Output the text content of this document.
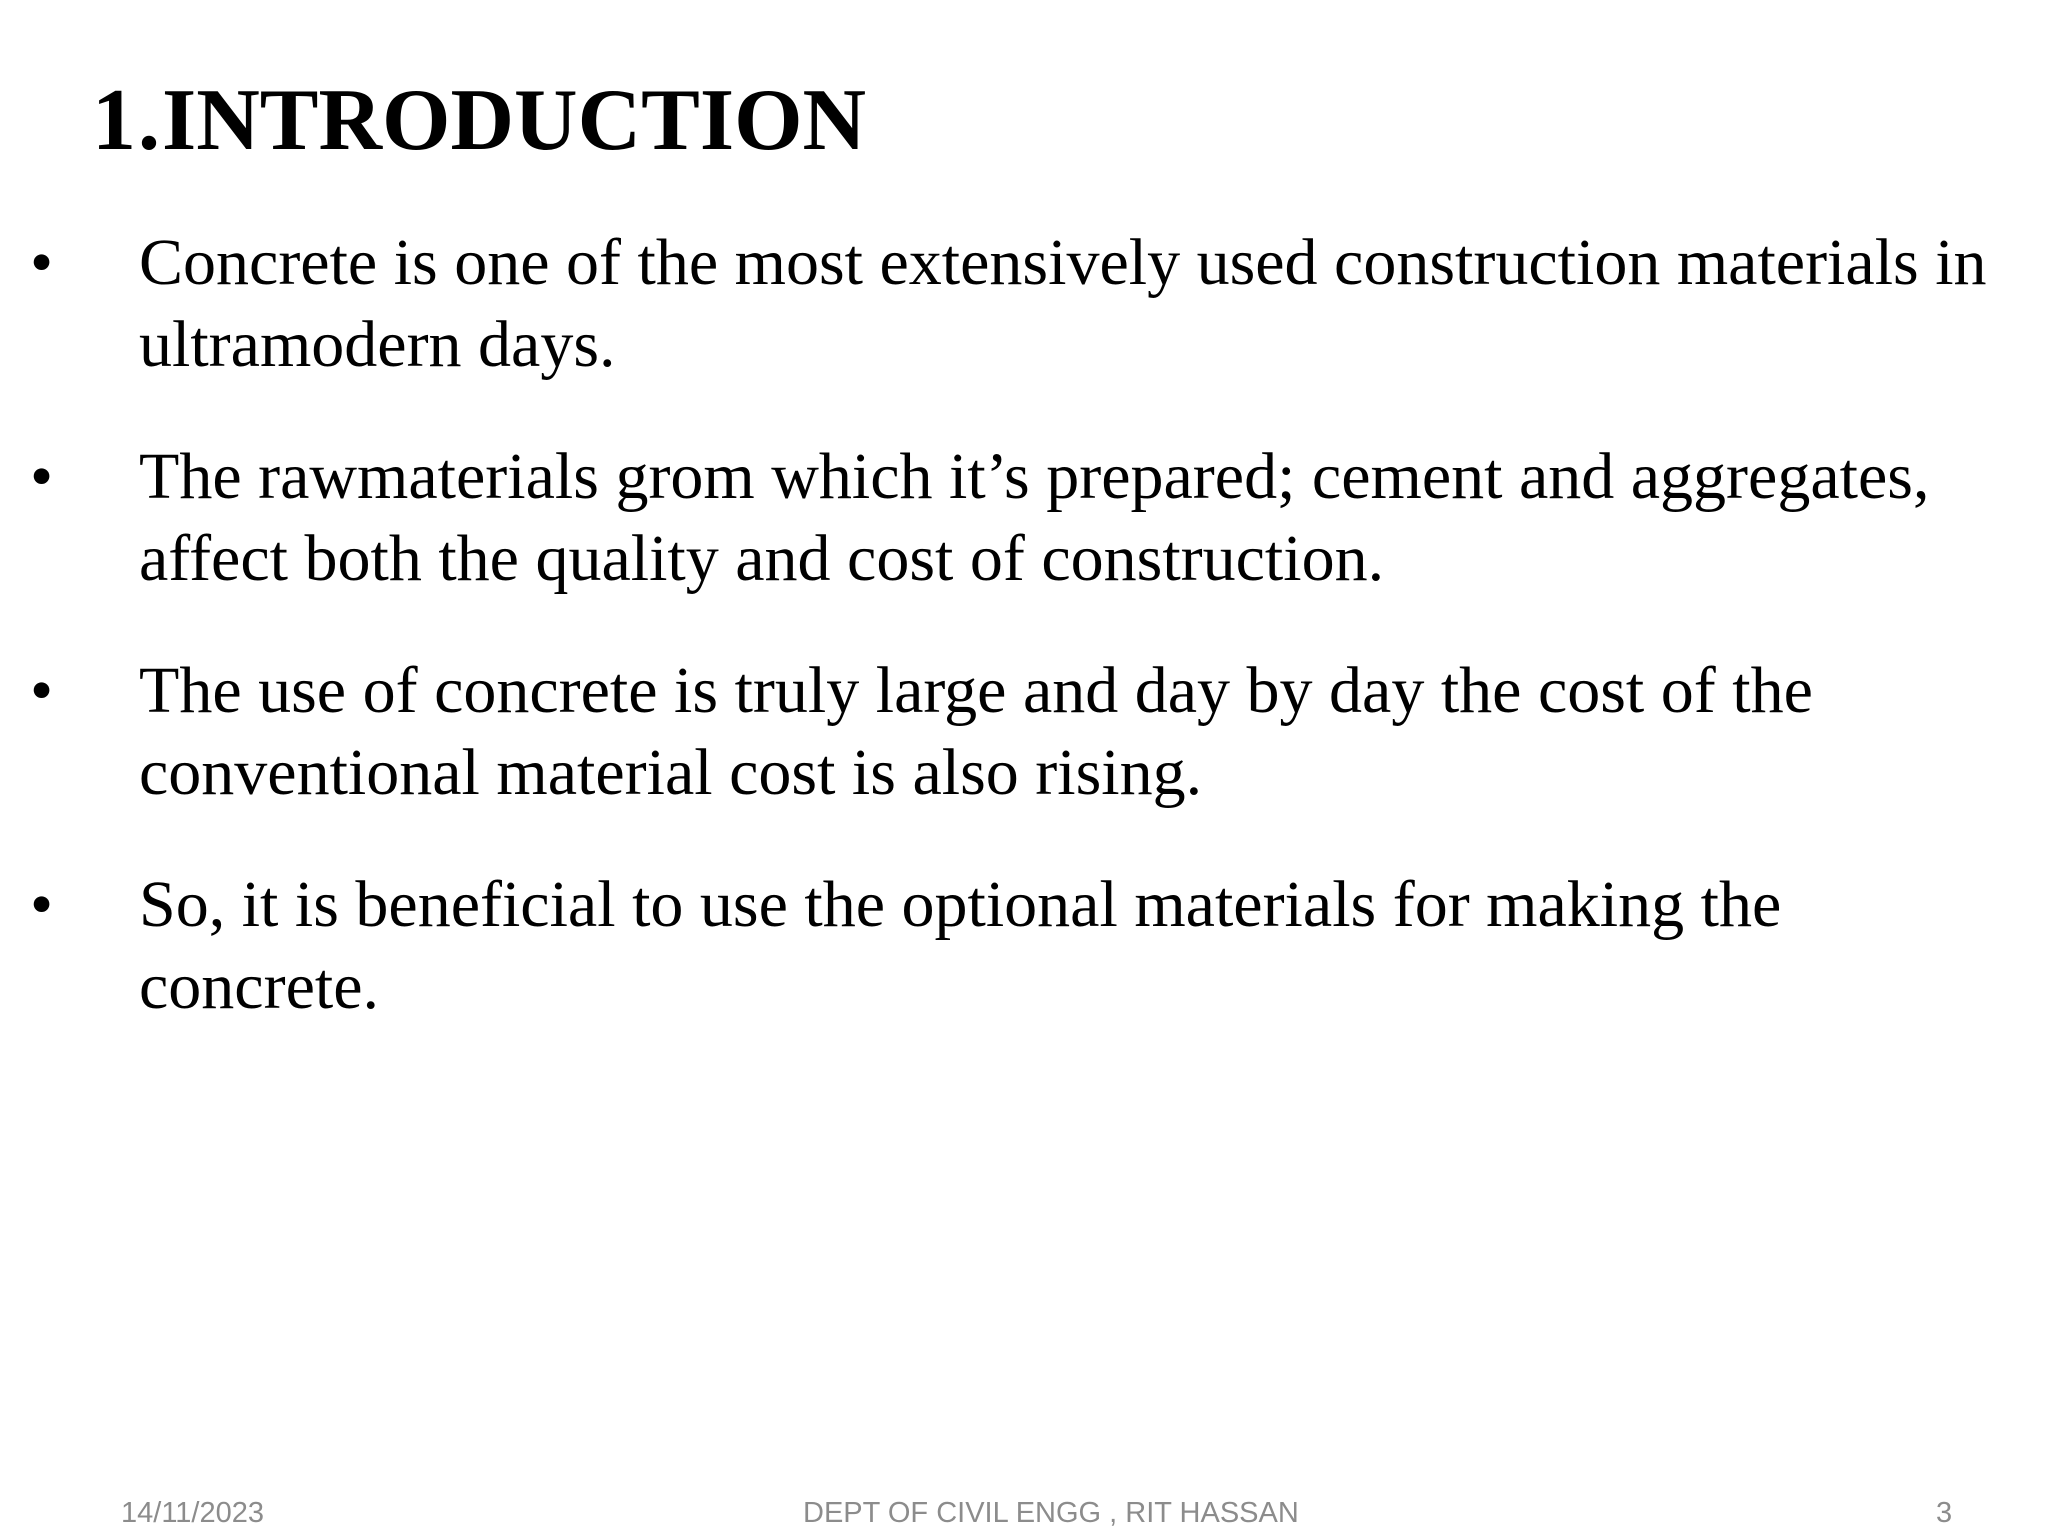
1.INTRODUCTION
• Concrete is one of the most extensively used construction materials in ultramodern days.
• The rawmaterials grom which it’s prepared; cement and aggregates, affect both the quality and cost of construction.
• The use of concrete is truly large and day by day the cost of the conventional material cost is also rising.
• So, it is beneficial to use the optional materials for making the concrete.
14/11/2023	DEPT OF CIVIL ENGG , RIT HASSAN	3
